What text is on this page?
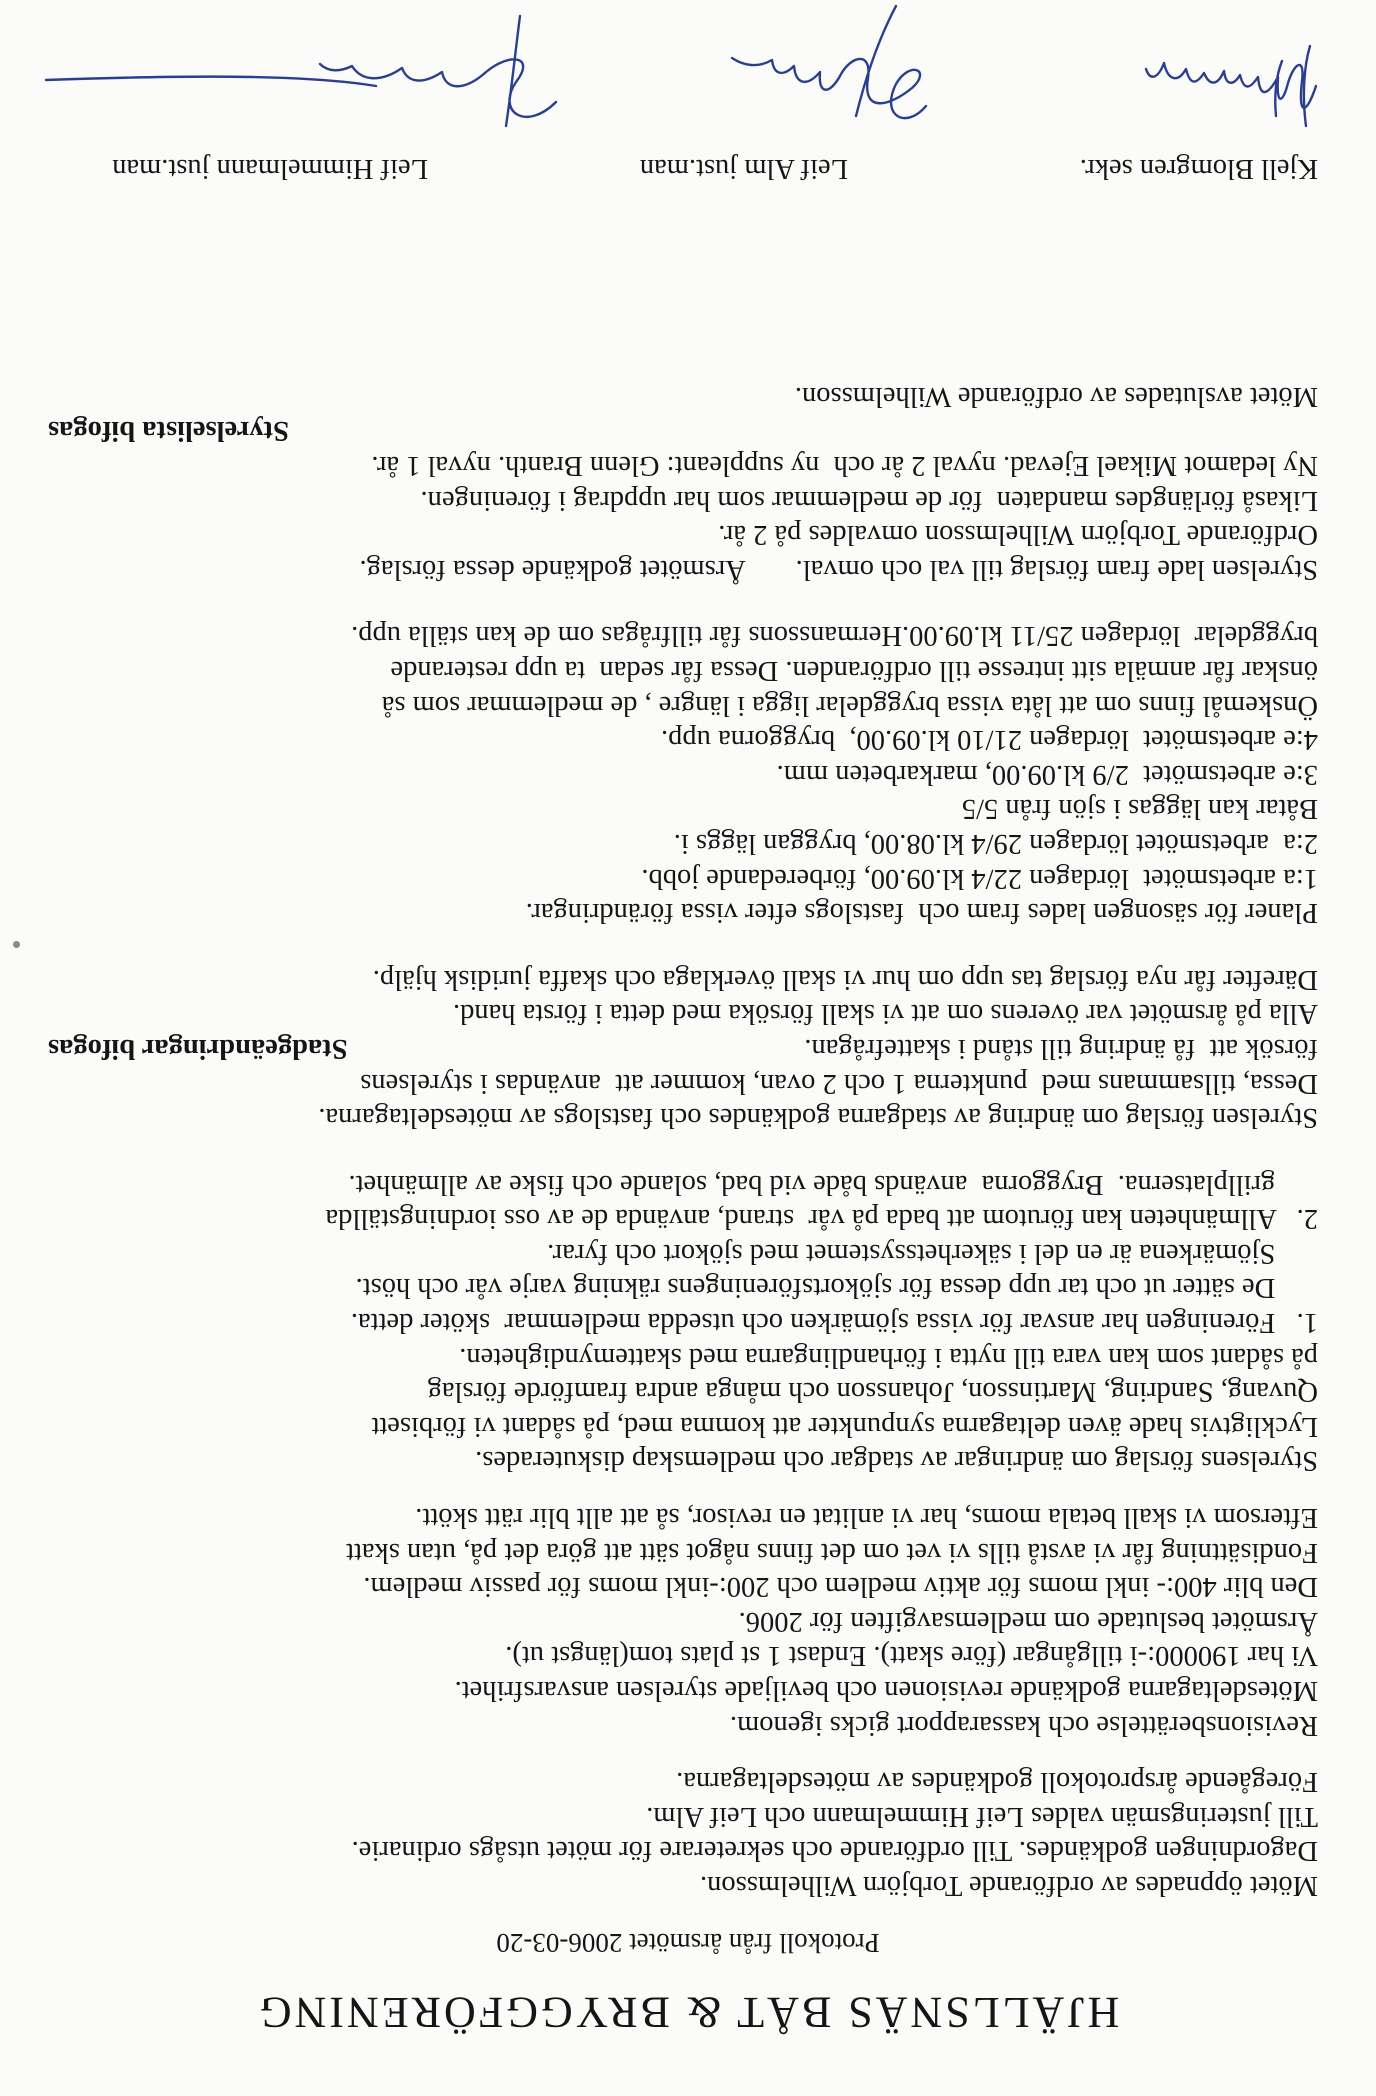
HJÄLLSNÄS BÅT & BRYGGFÖRENING
Protokoll från årsmötet 2006-03-20
Mötet öppnades av ordförande Torbjörn Wilhelmsson.
Dagordningen godkändes. Till ordförande och sekreterare för mötet utsågs ordinarie.
Till justeringsmän valdes Leif Himmelmann och Leif Alm.
Föregående årsprotokoll godkändes av mötesdeltagarna.
Revisionsberättelse och kassarapport gicks igenom.
Mötesdeltagarna godkände revisionen och beviljade styrelsen ansvarsfrihet.
Vi har 190000:-i tillgångar (före skatt). Endast 1 st plats tom(längst ut).
Årsmötet beslutade om medlemsavgiften för 2006.
Den blir 400:- inkl moms för aktiv medlem och 200:-inkl moms för passiv medlem.
Fondisättning får vi avstå tills vi vet om det finns något sätt att göra det på, utan skatt
Eftersom vi skall betala moms, har vi anlitat en revisor, så att allt blir rätt skött.
Styrelsens förslag om ändringar av stadgar och medlemskap diskuterades.
Lyckligtvis hade även deltagarna synpunkter att komma med, på sådant vi förbisett
Quvang, Sandring, Martinsson, Johansson och många andra framförde förslag
på sådant som kan vara till nytta i förhandlingarna med skattemyndigheten.
1.   Föreningen har ansvar för vissa sjömärken och utsedda medlemmar  sköter detta.
De sätter ut och tar upp dessa för sjökortsföreningens räkning varje vår och höst.
Sjömärkena är en del i säkerhetssystemet med sjökort och fyrar.
2.   Allmänheten kan förutom att bada på vår  strand, använda de av oss iordningställda
grillplatserna.  Bryggorna  används både vid bad, solande och fiske av allmänhet.
Styrelsen förslag om ändring av stadgarna godkändes och fastslogs av mötesdeltagarna.
Dessa, tillsammans med  punkterna 1 och 2 ovan, kommer att  användas i styrelsens
försök att  få ändring till stånd i skattefrågan.
Stadgeändringar bifogas
Alla på årsmötet var överens om att vi skall försöka med detta i första hand.
Därefter får nya förslag tas upp om hur vi skall överklaga och skaffa juridisk hjälp.
Planer för säsongen lades fram och  fastslogs efter vissa förändringar.
1:a arbetsmötet  lördagen 22/4 kl.09.00, förberedande jobb.
2:a  arbetsmötet lördagen 29/4 kl.08.00, bryggan läggs i.
Båtar kan läggas i sjön från 5/5
3:e arbetsmötet  2/9 kl.09.00, markarbeten mm.
4:e arbetsmötet  lördagen 21/10 kl.09.00,  bryggorna upp.
Önskemål finns om att låta vissa bryggdelar ligga i längre , de medlemmar som så
önskar får anmäla sitt intresse till ordföranden. Dessa får sedan  ta upp resterande
bryggdelar  lördagen 25/11 kl.09.00.Hermanssons får tillfrågas om de kan ställa upp.
Styrelsen lade fram förslag till val och omval.       Årsmötet godkände dessa förslag.
Ordförande Torbjörn Wilhelmsson omvaldes på 2 år.
Likaså förlängdes mandaten  för de medlemmar som har uppdrag i föreningen.
Ny ledamot Mikael Ejevad. nyval 2 år och  ny suppleant: Glenn Branth. nyval 1 år.
Styrelselista bifogas
Mötet avslutades av ordförande Wilhelmsson.
Kjell Blomgren sekr.
Leif Alm just.man
Leif Himmelmann just.man
